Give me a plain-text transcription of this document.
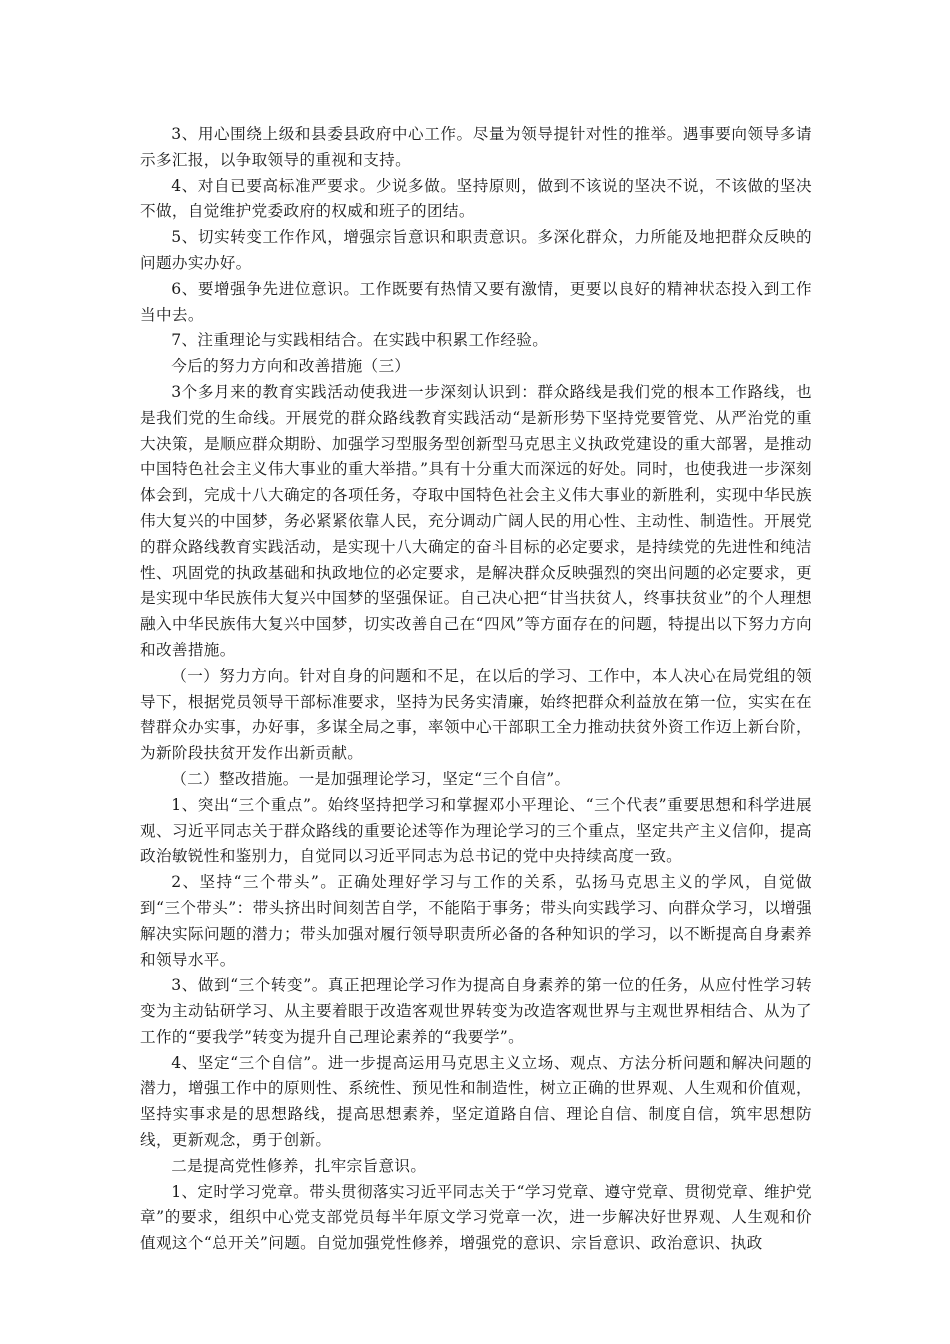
3、用心围绕上级和县委县政府中心工作。尽量为领导提针对性的推举。遇事要向领导多请示多汇报，以争取领导的重视和支持。

4、对自已要高标准严要求。少说多做。坚持原则，做到不该说的坚决不说，不该做的坚决不做，自觉维护党委政府的权威和班子的团结。

5、切实转变工作作风，增强宗旨意识和职责意识。多深化群众，力所能及地把群众反映的问题办实办好。

6、要增强争先进位意识。工作既要有热情又要有激情，更要以良好的精神状态投入到工作当中去。

7、注重理论与实践相结合。在实践中积累工作经验。

今后的努力方向和改善措施（三）

3个多月来的教育实践活动使我进一步深刻认识到：群众路线是我们党的根本工作路线，也是我们党的生命线。开展党的群众路线教育实践活动“是新形势下坚持党要管党、从严治党的重大决策，是顺应群众期盼、加强学习型服务型创新型马克思主义执政党建设的重大部署，是推动中国特色社会主义伟大事业的重大举措。”具有十分重大而深远的好处。同时，也使我进一步深刻体会到，完成十八大确定的各项任务，夺取中国特色社会主义伟大事业的新胜利，实现中华民族伟大复兴的中国梦，务必紧紧依靠人民，充分调动广阔人民的用心性、主动性、制造性。开展党的群众路线教育实践活动，是实现十八大确定的奋斗目标的必定要求，是持续党的先进性和纯洁性、巩固党的执政基础和执政地位的必定要求，是解决群众反映强烈的突出问题的必定要求，更是实现中华民族伟大复兴中国梦的坚强保证。自己决心把“甘当扶贫人，终事扶贫业”的个人理想融入中华民族伟大复兴中国梦，切实改善自己在“四风”等方面存在的问题，特提出以下努力方向和改善措施。

（一）努力方向。针对自身的问题和不足，在以后的学习、工作中，本人决心在局党组的领导下，根据党员领导干部标准要求，坚持为民务实清廉，始终把群众利益放在第一位，实实在在替群众办实事，办好事，多谋全局之事，率领中心干部职工全力推动扶贫外资工作迈上新台阶，为新阶段扶贫开发作出新贡献。

（二）整改措施。一是加强理论学习，坚定“三个自信”。

1、突出“三个重点”。始终坚持把学习和掌握邓小平理论、“三个代表”重要思想和科学进展观、习近平同志关于群众路线的重要论述等作为理论学习的三个重点，坚定共产主义信仰，提高政治敏锐性和鉴别力，自觉同以习近平同志为总书记的党中央持续高度一致。

2、坚持“三个带头”。正确处理好学习与工作的关系，弘扬马克思主义的学风，自觉做到“三个带头”：带头挤出时间刻苦自学，不能陷于事务；带头向实践学习、向群众学习，以增强解决实际问题的潜力；带头加强对履行领导职责所必备的各种知识的学习，以不断提高自身素养和领导水平。

3、做到“三个转变”。真正把理论学习作为提高自身素养的第一位的任务，从应付性学习转变为主动钻研学习、从主要着眼于改造客观世界转变为改造客观世界与主观世界相结合、从为了工作的“要我学”转变为提升自己理论素养的“我要学”。

4、坚定“三个自信”。进一步提高运用马克思主义立场、观点、方法分析问题和解决问题的潜力，增强工作中的原则性、系统性、预见性和制造性，树立正确的世界观、人生观和价值观，坚持实事求是的思想路线，提高思想素养，坚定道路自信、理论自信、制度自信，筑牢思想防线，更新观念，勇于创新。

二是提高党性修养，扎牢宗旨意识。

1、定时学习党章。带头贯彻落实习近平同志关于“学习党章、遵守党章、贯彻党章、维护党章”的要求，组织中心党支部党员每半年原文学习党章一次，进一步解决好世界观、人生观和价值观这个“总开关”问题。自觉加强党性修养，增强党的意识、宗旨意识、政治意识、执政
